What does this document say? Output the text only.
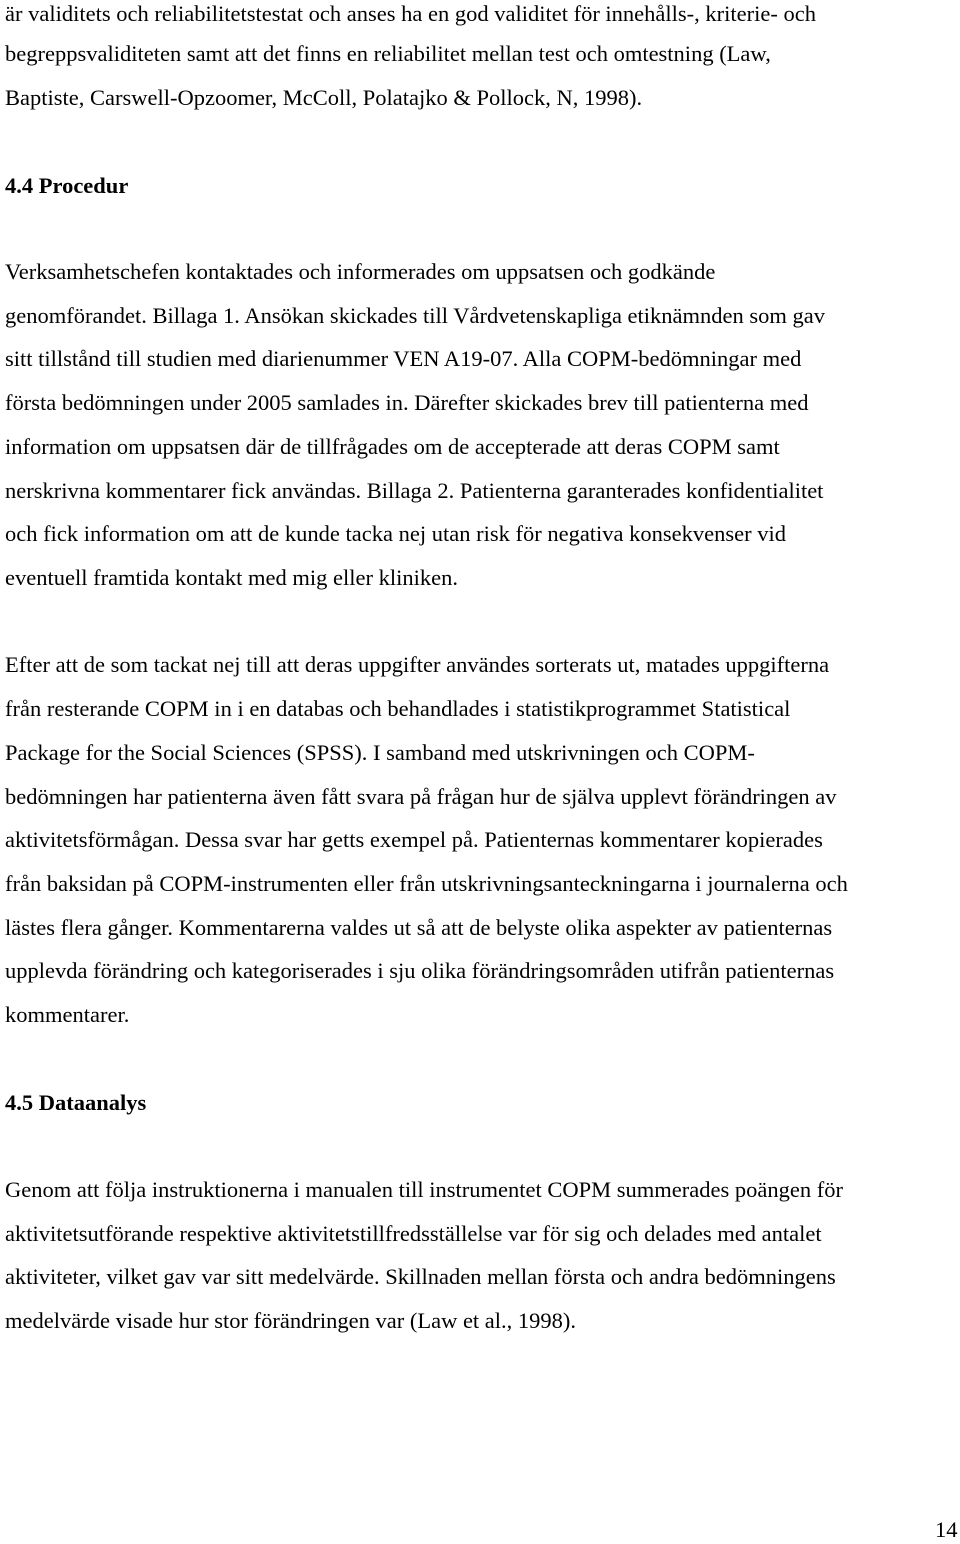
är validitets och reliabilitetstestat och anses ha en god validitet för innehålls-, kriterie- och

begreppsvaliditeten samt att det finns en reliabilitet mellan test och omtestning (Law,

Baptiste, Carswell-Opzoomer, McColl, Polatajko & Pollock, N, 1998).

4.4 Procedur

Verksamhetschefen kontaktades och informerades om uppsatsen och godkände

genomförandet. Billaga 1. Ansökan skickades till Vårdvetenskapliga etiknämnden som gav

sitt tillstånd till studien med diarienummer VEN A19-07. Alla COPM-bedömningar med

första bedömningen under 2005 samlades in. Därefter skickades brev till patienterna med

information om uppsatsen där de tillfrågades om de accepterade att deras COPM samt

nerskrivna kommentarer fick användas. Billaga 2. Patienterna garanterades konfidentialitet

och fick information om att de kunde tacka nej utan risk för negativa konsekvenser vid

eventuell framtida kontakt med mig eller kliniken.

Efter att de som tackat nej till att deras uppgifter användes sorterats ut, matades uppgifterna

från resterande COPM in i en databas och behandlades i statistikprogrammet Statistical

Package for the Social Sciences (SPSS). I samband med utskrivningen och COPM-

bedömningen har patienterna även fått svara på frågan hur de själva upplevt förändringen av

aktivitetsförmågan. Dessa svar har getts exempel på. Patienternas kommentarer kopierades

från baksidan på COPM-instrumenten eller från utskrivningsanteckningarna i journalerna och

lästes flera gånger. Kommentarerna valdes ut så att de belyste olika aspekter av patienternas

upplevda förändring och kategoriserades i sju olika förändringsområden utifrån patienternas

kommentarer.

4.5 Dataanalys

Genom att följa instruktionerna i manualen till instrumentet COPM summerades poängen för

aktivitetsutförande respektive aktivitetstillfredsställelse var för sig och delades med antalet

aktiviteter, vilket gav var sitt medelvärde. Skillnaden mellan första och andra bedömningens

medelvärde visade hur stor förändringen var (Law et al., 1998).

14
